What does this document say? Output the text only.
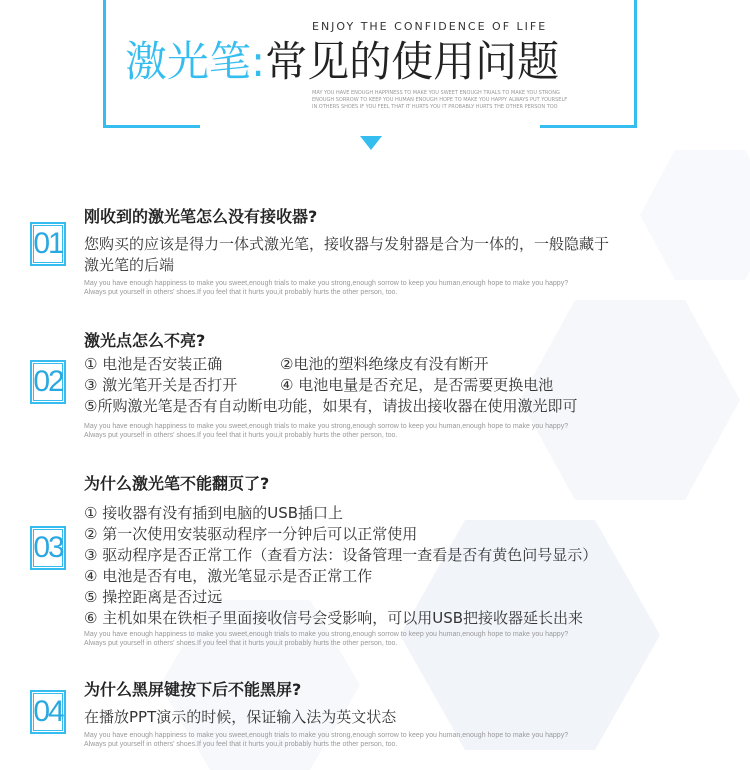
ENJOY THE CONFIDENCE OF LIFE
激光笔:常见的使用问题
MAY YOU HAVE ENOUGH HAPPINESS TO MAKE YOU SWEET ENOUGH TRIALS TO MAKE YOU STRONG ENOUGH SORROW TO KEEP YOU HUMAN ENOUGH HOPE TO MAKE YOU HAPPY ALWAYS PUT YOURSELF IN OTHERS SHOES IF YOU FEEL THAT IT HURTS YOU IT PROBABLY HURTS THE OTHER PERSON TOO
01
刚收到的激光笔怎么没有接收器?
您购买的应该是得力一体式激光笔，接收器与发射器是合为一体的，一般隐藏于
激光笔的后端
May you have enough happiness to make you sweet,enough trials to make you strong,enough sorrow to keep you human,enough hope to make you happy?
Always put yourself in others' shoes.If you feel that it hurts you,it probably hurts the other person, too.
02
激光点怎么不亮?
① 电池是否安装正确	②电池的塑料绝缘皮有没有断开
③ 激光笔开关是否打开	④ 电池电量是否充足，是否需要更换电池
⑤所购激光笔是否有自动断电功能，如果有，请拔出接收器在使用激光即可
May you have enough happiness to make you sweet,enough trials to make you strong,enough sorrow to keep you human,enough hope to make you happy?
Always put yourself in others' shoes.If you feel that it hurts you,it probably hurts the other person, too.
03
为什么激光笔不能翻页了?
① 接收器有没有插到电脑的USB插口上
② 第一次使用安装驱动程序一分钟后可以正常使用
③ 驱动程序是否正常工作（查看方法：设备管理一查看是否有黄色问号显示）
④ 电池是否有电，激光笔显示是否正常工作
⑤ 操控距离是否过远
⑥ 主机如果在铁柜子里面接收信号会受影响，可以用USB把接收器延长出来
May you have enough happiness to make you sweet,enough trials to make you strong,enough sorrow to keep you human,enough hope to make you happy?
Always put yourself in others' shoes.If you feel that it hurts you,it probably hurts the other person, too.
04
为什么黑屏键按下后不能黑屏?
在播放PPT演示的时候，保证输入法为英文状态
May you have enough happiness to make you sweet,enough trials to make you strong,enough sorrow to keep you human,enough hope to make you happy?
Always put yourself in others' shoes.If you feel that it hurts you,it probably hurts the other person, too.
